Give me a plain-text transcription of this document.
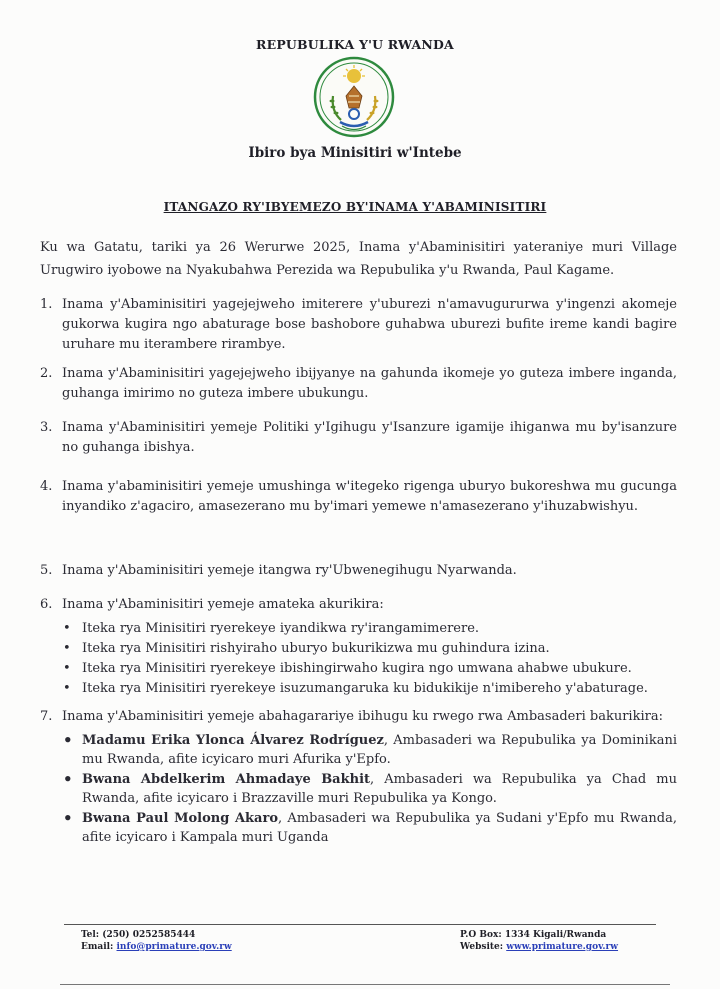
REPUBULIKA Y'U RWANDA
Ibiro bya Minisitiri w'Intebe
ITANGAZO RY'IBYEMEZO BY'INAMA Y'ABAMINISITIRI
Ku wa Gatatu, tariki ya 26 Werurwe 2025, Inama y'Abaminisitiri yateraniye muri Village Urugwiro iyobowe na Nyakubahwa Perezida wa Repubulika y'u Rwanda, Paul Kagame.
1. Inama y'Abaminisitiri yagejejweho imiterere y'uburezi n'amavugururwa y'ingenzi akomeje gukorwa kugira ngo abaturage bose bashobore guhabwa uburezi bufite ireme kandi bagire uruhare mu iterambere rirambye.
2. Inama y'Abaminisitiri yagejejweho ibijyanye na gahunda ikomeje yo guteza imbere inganda, guhanga imirimo no guteza imbere ubukungu.
3. Inama y'Abaminisitiri yemeje Politiki y'Igihugu y'Isanzure igamije ihiganwa mu by'isanzure no guhanga ibishya.
4. Inama y'abaminisitiri yemeje umushinga w'itegeko rigenga uburyo bukoreshwa mu gucunga inyandiko z'agaciro, amasezerano mu by'imari yemewe n'amasezerano y'ihuzabwishyu.
5. Inama y'Abaminisitiri yemeje itangwa ry'Ubwenegihugu Nyarwanda.
6. Inama y'Abaminisitiri yemeje amateka akurikira:
• Iteka rya Minisitiri ryerekeye iyandikwa ry'irangamimerere.
• Iteka rya Minisitiri rishyiraho uburyo bukurikizwa mu guhindura izina.
• Iteka rya Minisitiri ryerekeye ibishingirwaho kugira ngo umwana ahabwe ubukure.
• Iteka rya Minisitiri ryerekeye isuzumangaruka ku bidukikije n'imibereho y'abaturage.
7. Inama y'Abaminisitiri yemeje abahagarariye ibihugu ku rwego rwa Ambasaderi bakurikira:
• Madamu Erika Ylonca Álvarez Rodríguez, Ambasaderi wa Repubulika ya Dominikani mu Rwanda, afite icyicaro muri Afurika y'Epfo.
• Bwana Abdelkerim Ahmadaye Bakhit, Ambasaderi wa Repubulika ya Chad mu Rwanda, afite icyicaro i Brazzaville muri Repubulika ya Kongo.
• Bwana Paul Molong Akaro, Ambasaderi wa Repubulika ya Sudani y'Epfo mu Rwanda, afite icyicaro i Kampala muri Uganda
Tel: (250) 0252585444
Email: info@primature.gov.rw
P.O Box: 1334 Kigali/Rwanda
Website: www.primature.gov.rw
